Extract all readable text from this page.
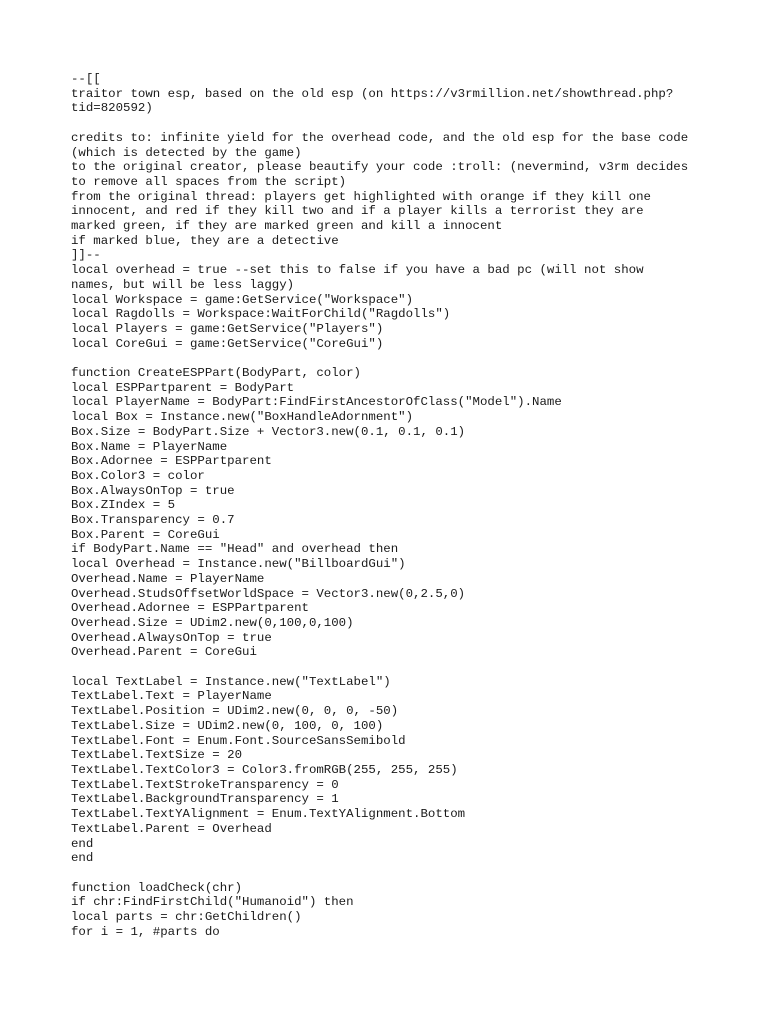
--[[
traitor town esp, based on the old esp (on https://v3rmillion.net/showthread.php?
tid=820592)
credits to: infinite yield for the overhead code, and the old esp for the base code
(which is detected by the game)
to the original creator, please beautify your code :troll: (nevermind, v3rm decides
to remove all spaces from the script)
from the original thread: players get highlighted with orange if they kill one
innocent, and red if they kill two and if a player kills a terrorist they are
marked green, if they are marked green and kill a innocent
if marked blue, they are a detective
]]--
local overhead = true --set this to false if you have a bad pc (will not show
names, but will be less laggy)
local Workspace = game:GetService("Workspace")
local Ragdolls = Workspace:WaitForChild("Ragdolls")
local Players = game:GetService("Players")
local CoreGui = game:GetService("CoreGui")
function CreateESPPart(BodyPart, color)
local ESPPartparent = BodyPart
local PlayerName = BodyPart:FindFirstAncestorOfClass("Model").Name
local Box = Instance.new("BoxHandleAdornment")
Box.Size = BodyPart.Size + Vector3.new(0.1, 0.1, 0.1)
Box.Name = PlayerName
Box.Adornee = ESPPartparent
Box.Color3 = color
Box.AlwaysOnTop = true
Box.ZIndex = 5
Box.Transparency = 0.7
Box.Parent = CoreGui
if BodyPart.Name == "Head" and overhead then
local Overhead = Instance.new("BillboardGui")
Overhead.Name = PlayerName
Overhead.StudsOffsetWorldSpace = Vector3.new(0,2.5,0)
Overhead.Adornee = ESPPartparent
Overhead.Size = UDim2.new(0,100,0,100)
Overhead.AlwaysOnTop = true
Overhead.Parent = CoreGui
local TextLabel = Instance.new("TextLabel")
TextLabel.Text = PlayerName
TextLabel.Position = UDim2.new(0, 0, 0, -50)
TextLabel.Size = UDim2.new(0, 100, 0, 100)
TextLabel.Font = Enum.Font.SourceSansSemibold
TextLabel.TextSize = 20
TextLabel.TextColor3 = Color3.fromRGB(255, 255, 255)
TextLabel.TextStrokeTransparency = 0
TextLabel.BackgroundTransparency = 1
TextLabel.TextYAlignment = Enum.TextYAlignment.Bottom
TextLabel.Parent = Overhead
end
end
function loadCheck(chr)
if chr:FindFirstChild("Humanoid") then
local parts = chr:GetChildren()
for i = 1, #parts do
